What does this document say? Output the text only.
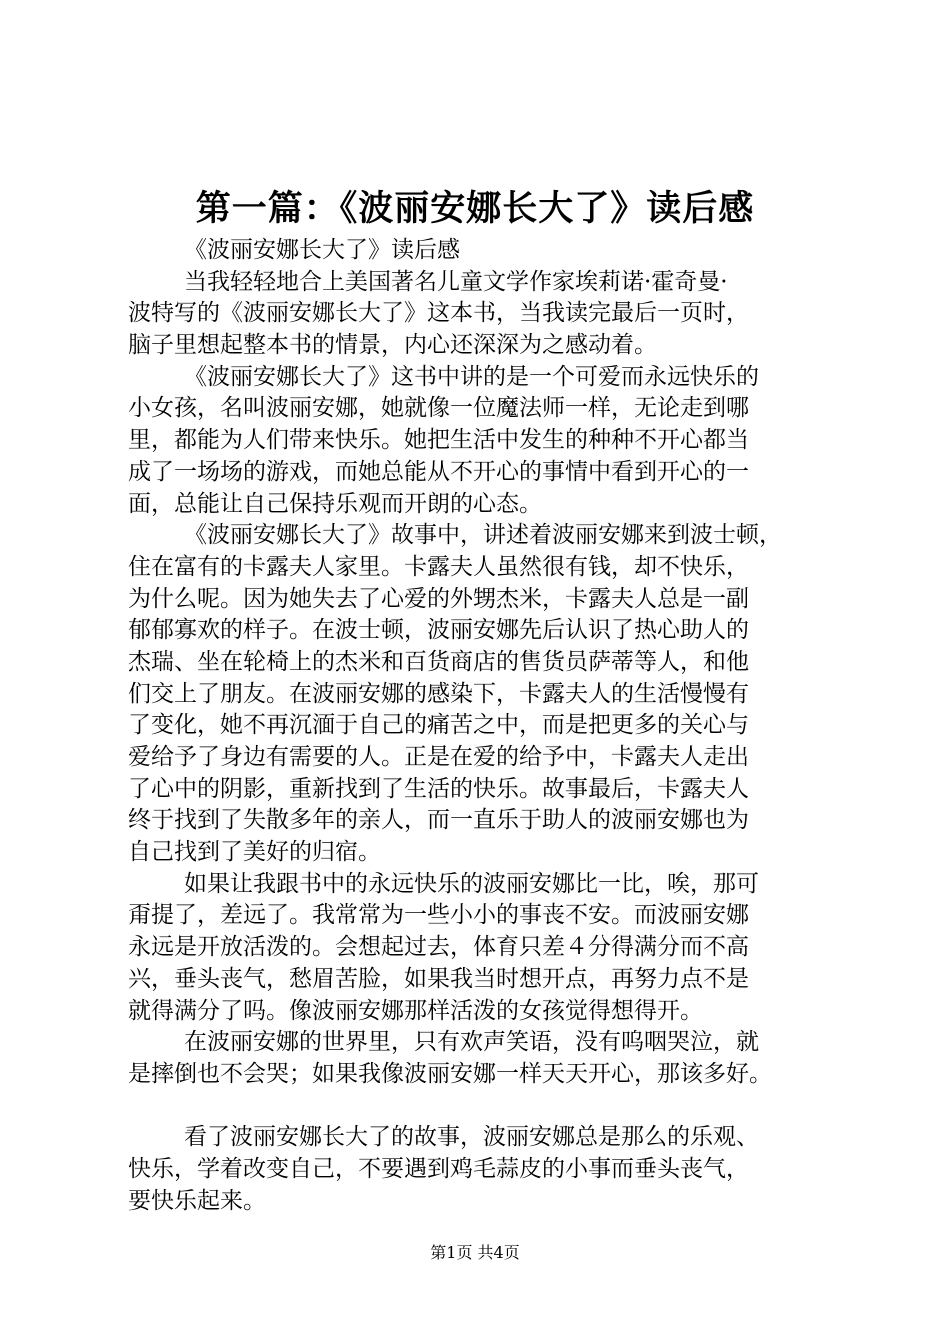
第一篇：《波丽安娜长大了》读后感
《波丽安娜长大了》读后感
当我轻轻地合上美国著名儿童文学作家埃莉诺·霍奇曼·
波特写的《波丽安娜长大了》这本书，当我读完最后一页时，
脑子里想起整本书的情景，内心还深深为之感动着。
《波丽安娜长大了》这书中讲的是一个可爱而永远快乐的
小女孩，名叫波丽安娜，她就像一位魔法师一样，无论走到哪
里，都能为人们带来快乐。她把生活中发生的种种不开心都当
成了一场场的游戏，而她总能从不开心的事情中看到开心的一
面，总能让自己保持乐观而开朗的心态。
《波丽安娜长大了》故事中，讲述着波丽安娜来到波士顿，
住在富有的卡露夫人家里。卡露夫人虽然很有钱，却不快乐，
为什么呢。因为她失去了心爱的外甥杰米，卡露夫人总是一副
郁郁寡欢的样子。在波士顿，波丽安娜先后认识了热心助人的
杰瑞、坐在轮椅上的杰米和百货商店的售货员萨蒂等人，和他
们交上了朋友。在波丽安娜的感染下，卡露夫人的生活慢慢有
了变化，她不再沉湎于自己的痛苦之中，而是把更多的关心与
爱给予了身边有需要的人。正是在爱的给予中，卡露夫人走出
了心中的阴影，重新找到了生活的快乐。故事最后，卡露夫人
终于找到了失散多年的亲人，而一直乐于助人的波丽安娜也为
自己找到了美好的归宿。
如果让我跟书中的永远快乐的波丽安娜比一比，唉，那可
甭提了，差远了。我常常为一些小小的事丧不安。而波丽安娜
永远是开放活泼的。会想起过去，体育只差４分得满分而不高
兴，垂头丧气，愁眉苦脸，如果我当时想开点，再努力点不是
就得满分了吗。像波丽安娜那样活泼的女孩觉得想得开。
在波丽安娜的世界里，只有欢声笑语，没有呜咽哭泣，就
是摔倒也不会哭；如果我像波丽安娜一样天天开心，那该多好。
看了波丽安娜长大了的故事，波丽安娜总是那么的乐观、
快乐，学着改变自己，不要遇到鸡毛蒜皮的小事而垂头丧气，
要快乐起来。
第1页 共4页
